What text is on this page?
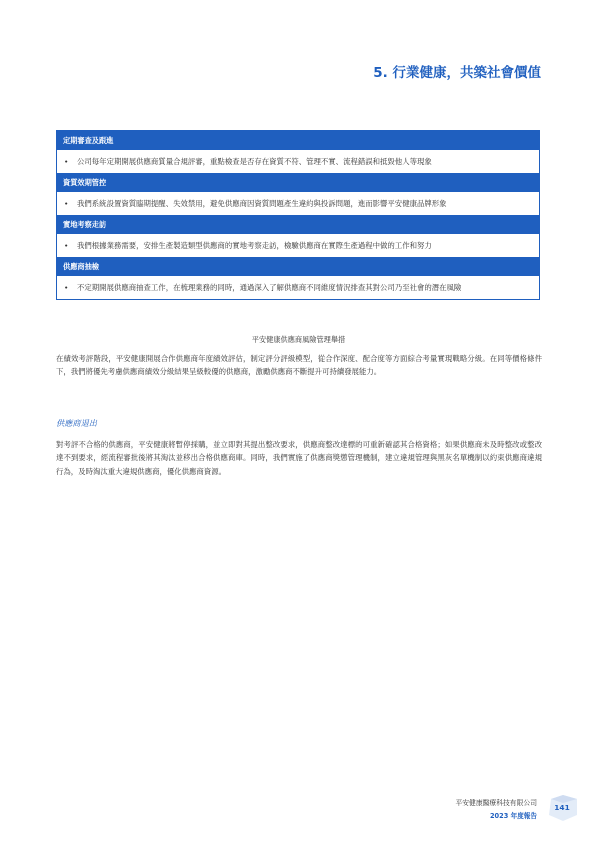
5. 行業健康，共築社會價值
定期審查及跟進
• 公司每年定期開展供應商質量合規評審，重點檢查是否存在資質不符、管理不實、流程錯誤和抵毀他人等現象
資質效期管控
• 我們系統設置資質臨期提醒、失效禁用，避免供應商因資質問題產生違約與投訴問題，進而影響平安健康品牌形象
實地考察走訪
• 我們根據業務需要，安排生產製造類型供應商的實地考察走訪，檢驗供應商在實際生產過程中做的工作和努力
供應商抽檢
• 不定期開展供應商抽查工作，在梳理業務的同時，通過深入了解供應商不同維度情況排查其對公司乃至社會的潛在風險
平安健康供應商風險管理舉措

在績效考評階段，平安健康開展合作供應商年度績效評估，制定評分評級模型，從合作深度、配合度等方面綜合考量實現戰略分級。在同等價格條件下，我們將優先考慮供應商績效分級結果呈級較優的供應商，激勵供應商不斷提升可持續發展能力。

供應商退出

對考評不合格的供應商，平安健康將暫停採購，並立即對其提出整改要求，供應商整改達標的可重新確認其合格資格；如果供應商未及時整改或整改達不到要求，經流程審批後將其淘汰並移出合格供應商庫。同時，我們實施了供應商獎懲管理機制，建立違規管理與黑灰名單機制以約束供應商違規行為，及時淘汰重大違規供應商，優化供應商資源。

平安健康醫療科技有限公司
2023 年度報告
141
